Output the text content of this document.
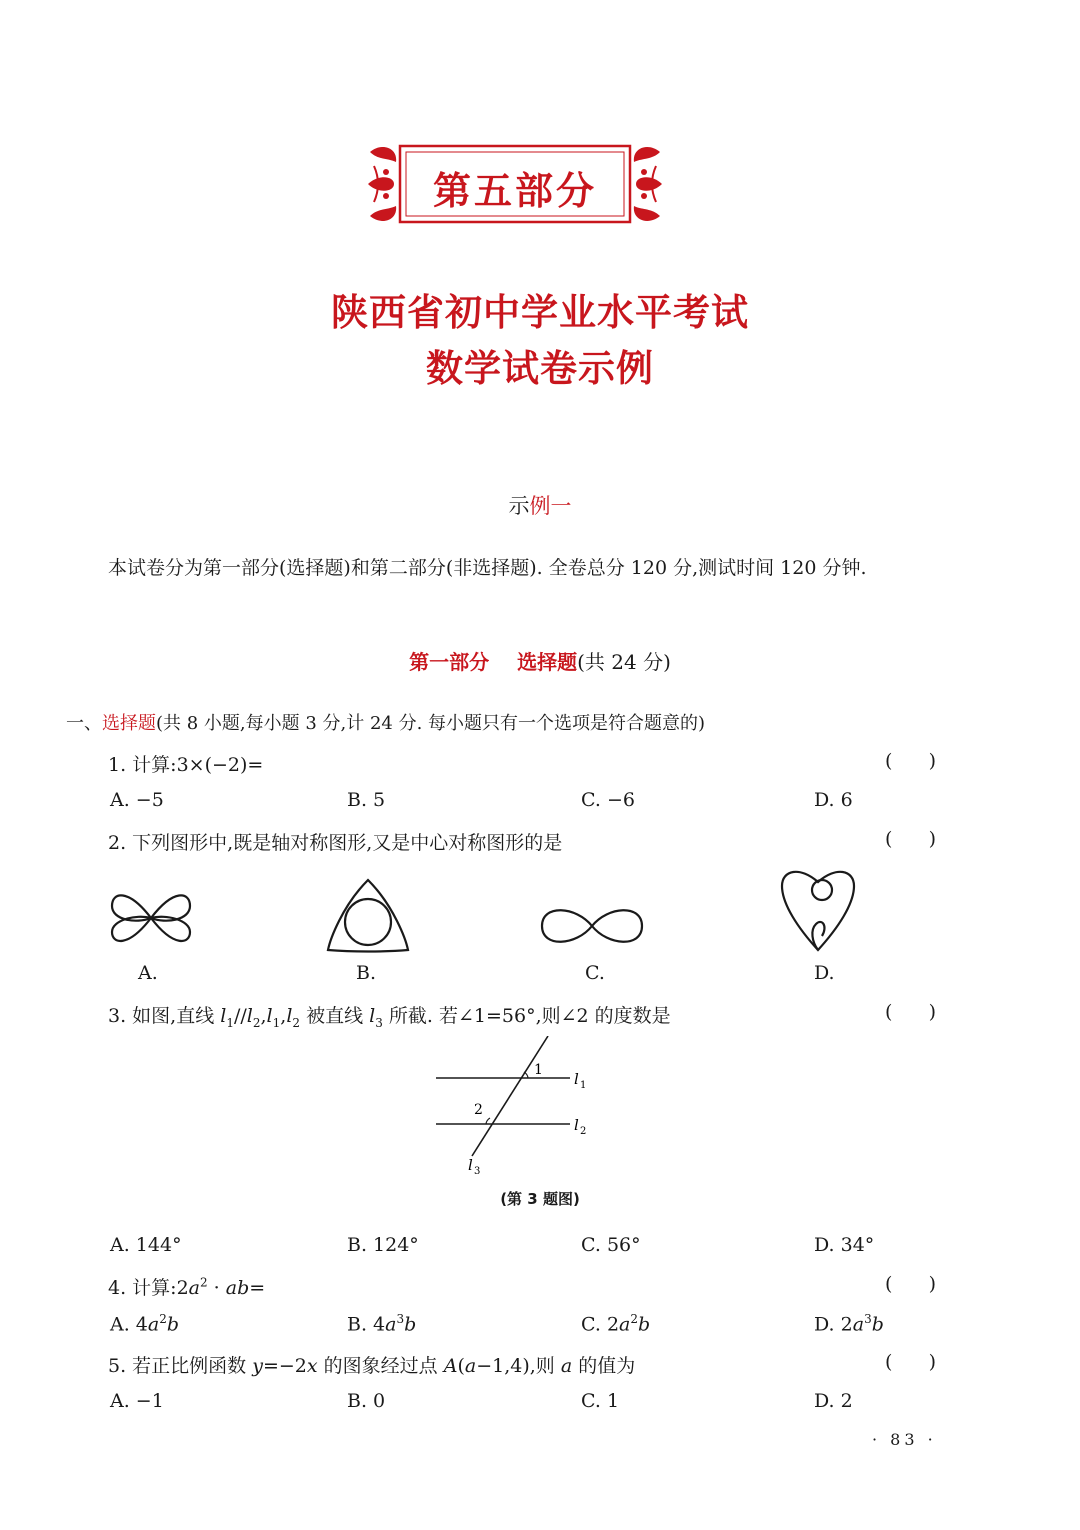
第五部分
陕西省初中学业水平考试
数学试卷示例
示例一
本试卷分为第一部分(选择题)和第二部分(非选择题). 全卷总分 120 分,测试时间 120 分钟.
第一部分 选择题(共 24 分)
一、选择题(共 8 小题,每小题 3 分,计 24 分. 每小题只有一个选项是符合题意的)
1. 计算:3×(−2)=	(      )
A. −5	B. 5	C. −6	D. 6
2. 下列图形中,既是轴对称图形,又是中心对称图形的是	(      )
A.	B.	C.	D.
3. 如图,直线 $l_1//l_2,l_1,l_2$ 被直线 $l_3$ 所截. 若∠1=56°,则∠2 的度数是	(      )
1
2
l 1
l 2
l 3
(第 3 题图)
A. 144°	B. 124°	C. 56°	D. 34°
4. 计算$:2a^2 \cdot ab=$	(      )
A. $4a^2b$	B. $4a^3b$	C. $2a^2b$	D. $2a^3b$
5. 若正比例函数 y=−2x 的图象经过点 A(a−1,4),则 a 的值为	(      )
A. −1	B. 0	C. 1	D. 2
· 83 ·
